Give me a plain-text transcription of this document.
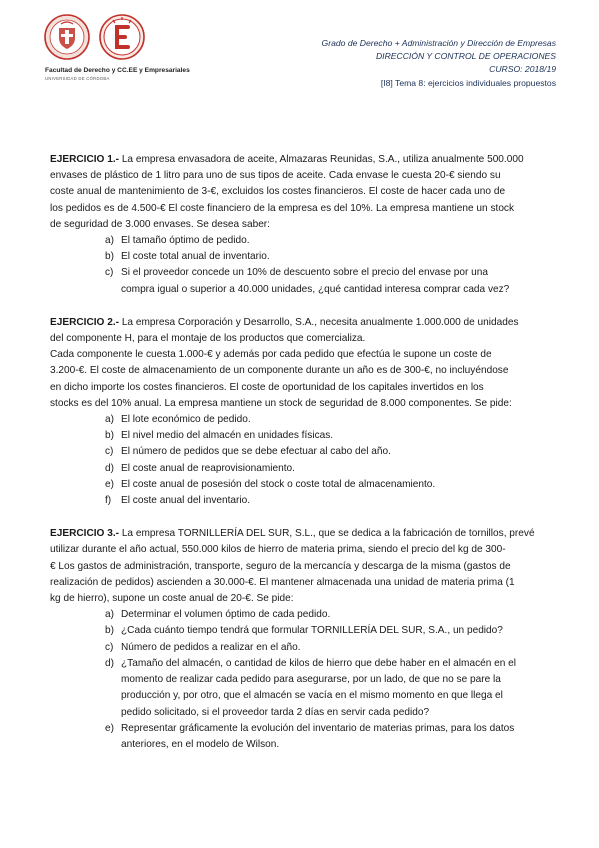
Facultad de Derecho y CC.EE y Empresariales
UNIVERSIDAD DE CÓRDOBA
Grado de Derecho + Administración y Dirección de Empresas
DIRECCIÓN Y CONTROL DE OPERACIONES
CURSO: 2018/19
[I8] Tema 8: ejercicios individuales propuestos

EJERCICIO 1.- La empresa envasadora de aceite, Almazaras Reunidas, S.A., utiliza anualmente 500.000

envases de plástico de 1 litro para uno de sus tipos de aceite. Cada envase le cuesta 20-€ siendo su

coste anual de mantenimiento de 3-€, excluidos los costes financieros. El coste de hacer cada uno de

los pedidos es de 4.500-€ El coste financiero de la empresa es del 10%. La empresa mantiene un stock

de seguridad de 3.000 envases. Se desea saber:

a) El tamaño óptimo de pedido.
b) El coste total anual de inventario.
c) Si el proveedor concede un 10% de descuento sobre el precio del envase por una
compra igual o superior a 40.000 unidades, ¿qué cantidad interesa comprar cada vez?

EJERCICIO 2.- La empresa Corporación y Desarrollo, S.A., necesita anualmente 1.000.000 de unidades

del componente H, para el montaje de los productos que comercializa.

Cada componente le cuesta 1.000-€ y además por cada pedido que efectúa le supone un coste de

3.200-€. El coste de almacenamiento de un componente durante un año es de 300-€, no incluyéndose

en dicho importe los costes financieros. El coste de oportunidad de los capitales invertidos en los

stocks es del 10% anual. La empresa mantiene un stock de seguridad de 8.000 componentes. Se pide:

a) El lote económico de pedido.
b) El nivel medio del almacén en unidades físicas.
c) El número de pedidos que se debe efectuar al cabo del año.
d) El coste anual de reaprovisionamiento.
e) El coste anual de posesión del stock o coste total de almacenamiento.
f) El coste anual del inventario.

EJERCICIO 3.- La empresa TORNILLERÍA DEL SUR, S.L., que se dedica a la fabricación de tornillos, prevé

utilizar durante el año actual, 550.000 kilos de hierro de materia prima, siendo el precio del kg de 300-

€ Los gastos de administración, transporte, seguro de la mercancía y descarga de la misma (gastos de

realización de pedidos) ascienden a 30.000-€. El mantener almacenada una unidad de materia prima (1

kg de hierro), supone un coste anual de 20-€. Se pide:

a) Determinar el volumen óptimo de cada pedido.
b) ¿Cada cuánto tiempo tendrá que formular TORNILLERÍA DEL SUR, S.A., un pedido?
c) Número de pedidos a realizar en el año.
d) ¿Tamaño del almacén, o cantidad de kilos de hierro que debe haber en el almacén en el
momento de realizar cada pedido para asegurarse, por un lado, de que no se pare la
producción y, por otro, que el almacén se vacía en el mismo momento en que llega el
pedido solicitado, si el proveedor tarda 2 días en servir cada pedido?
e) Representar gráficamente la evolución del inventario de materias primas, para los datos
anteriores, en el modelo de Wilson.
